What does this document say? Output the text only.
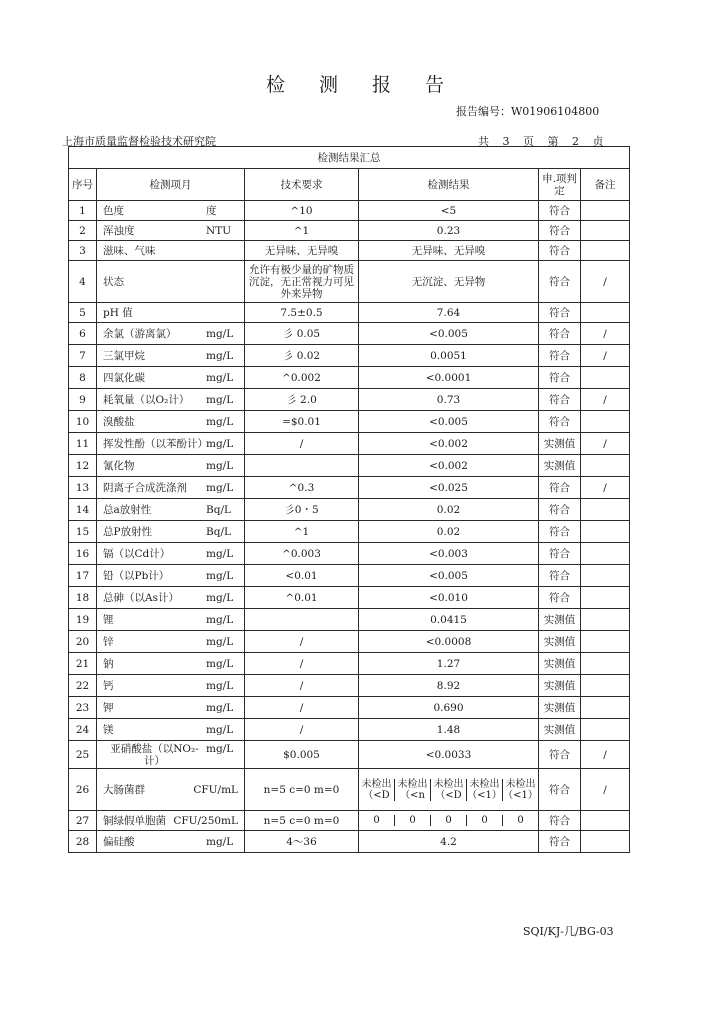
检 测 报 告
报告编号：W01906104800
上海市质量监督检验技术研究院	共 3 页 第 2 贞
检测结果汇总					
序号	检测项月	技术要求	检测结果	申.项判定	备注
1	色度 度	^10	<5	符合	
2	浑浊度 NTU	^1	0.23	符合	
3	滋味、气味	无异味、无异嗅	无异味、无异嗅	符合	
4	状态	允许有极少量的矿物质沉淀，无正常视力可见外来异物	无沉淀、无异物	符合	/
5	pH 值	7.5±0.5	7.64	符合	
6	余氯（游离氯） mg/L	彡 0.05	<0.005	符合	/
7	三氯甲烷 mg/L	彡 0.02	0.0051	符合	/
8	四氯化碳 mg/L	^0.002	<0.0001	符合	
9	耗氧量（以O₂计） mg/L	彡 2.0	0.73	符合	/
10	溴酸盐 mg/L	=$0.01	<0.005	符合	
11	挥发性酚（以苯酚计）
mg/L	/	<0.002	实测值	/
12	氰化物 mg/L		<0.002	实测值	
13	阴离子合成洗涤剂 mg/L	^0.3	<0.025	符合	/
14	总a放射性 Bq/L	彡0・5	0.02	符合	
15	总P放射性 Bq/L	^1	0.02	符合	
16	镉（以Cd计） mg/L	^0.003	<0.003	符合	
17	铅（以Pb计） mg/L	<0.01	<0.005	符合	
18	总砷（以As计） mg/L	^0.01	<0.010	符合	
19	锂 mg/L		0.0415	实测值	
20	锌 mg/L	/	<0.0008	实测值	
21	钠 mg/L	/	1.27	实测值	
22	钙 mg/L	/	8.92	实测值	
23	钾 mg/L	/	0.690	实测值	
24	镁 mg/L	/	1.48	实测值	
25	亚硝酸盐（以NO₂-计）
mg/L	$0.005	<0.0033	符合	/
26	大肠菌群 CFU/mL	n=5 c=0 m=0	未检出（<D
未检出（<n
未检出（<D
未检出（<1）
未检出（<1）	符合	/
27	铜绿假单胞菌 CFU/250mL	n=5 c=0 m=0	0 0 0 0 0	符合	
28	偏硅酸 mg/L	4～36	4.2	符合	
SQI/KJ-几/BG-03
